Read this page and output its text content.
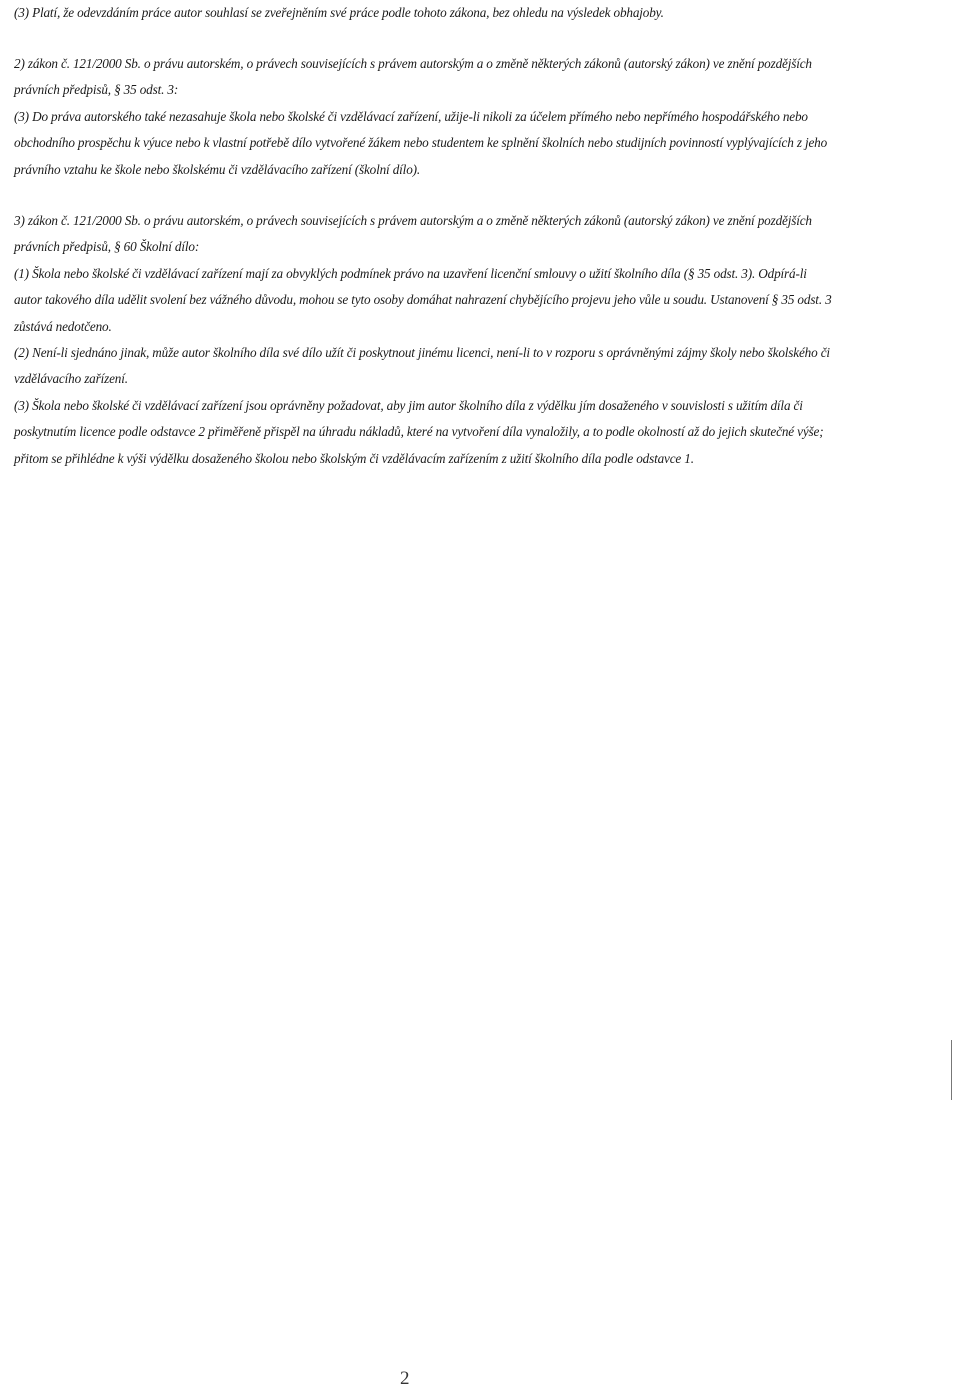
(3) Platí, že odevzdáním práce autor souhlasí se zveřejněním své práce podle tohoto zákona, bez ohledu na výsledek obhajoby.

2) zákon č. 121/2000 Sb. o právu autorském, o právech souvisejících s právem autorským a o změně některých zákonů (autorský zákon) ve znění pozdějších právních předpisů, § 35 odst. 3:

(3) Do práva autorského také nezasahuje škola nebo školské či vzdělávací zařízení, užije-li nikoli za účelem přímého nebo nepřímého hospodářského nebo obchodního prospěchu k výuce nebo k vlastní potřebě dílo vytvořené žákem nebo studentem ke splnění školních nebo studijních povinností vyplývajících z jeho právního vztahu ke škole nebo školskému či vzdělávacího zařízení (školní dílo).

3) zákon č. 121/2000 Sb. o právu autorském, o právech souvisejících s právem autorským a o změně některých zákonů (autorský zákon) ve znění pozdějších právních předpisů, § 60 Školní dílo:

(1) Škola nebo školské či vzdělávací zařízení mají za obvyklých podmínek právo na uzavření licenční smlouvy o užití školního díla (§ 35 odst. 3). Odpírá-li autor takového díla udělit svolení bez vážného důvodu, mohou se tyto osoby domáhat nahrazení chybějícího projevu jeho vůle u soudu. Ustanovení § 35 odst. 3 zůstává nedotčeno.

(2) Není-li sjednáno jinak, může autor školního díla své dílo užít či poskytnout jinému licenci, není-li to v rozporu s oprávněnými zájmy školy nebo školského či vzdělávacího zařízení.

(3) Škola nebo školské či vzdělávací zařízení jsou oprávněny požadovat, aby jim autor školního díla z výdělku jím dosaženého v souvislosti s užitím díla či poskytnutím licence podle odstavce 2 přiměřeně přispěl na úhradu nákladů, které na vytvoření díla vynaložily, a to podle okolností až do jejich skutečné výše; přitom se přihlédne k výši výdělku dosaženého školou nebo školským či vzdělávacím zařízením z užití školního díla podle odstavce 1.

2
